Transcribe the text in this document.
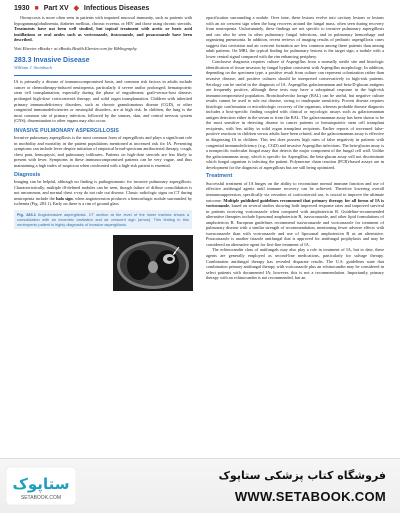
1930 ■ Part XV ◆ Infectious Diseases

Otomycosis is more often seen in patients with impaired mucosal immunity, such as patients with hypogammaglobulinemia, diabetes mellitus, chronic eczema, or HIV and those using chronic steroids. Treatments have not been well studied, but topical treatment with acetic or boric acid instillations or oral azoles such as voriconazole, itraconazole, and posaconazole have been described.

Visit Elsevier eBooks+ at eBooks.Health.Elsevier.com for Bibliography.

283.3 Invasive Disease
William J. Steinbach

IA is primarily a disease of immunocompromised hosts, and common risk factors in adults include cancer or chemotherapy-induced neutropenia, particularly if severe and/or prolonged; hematopoietic stem cell transplantation, especially during the phase of engraftment; graft-versus-host disease; prolonged high-dose corticosteroid therapy; and solid organ transplantation. Children with inherited primary immunodeficiency disorders, such as chronic granulomatous disease (CGD), or other congenital immunodeficiencies or neutrophil disorders, are at high risk. In children, the lung is the most common site of primary infection, followed by the sinuses, skin, and central nervous system (CNS); dissemination to other organs may also occur.

INVASIVE PULMONARY ASPERGILLOSIS

Invasive pulmonary aspergillosis is the most common form of aspergillosis and plays a significant role in morbidity and mortality in the patient populations mentioned at increased risk for IA. Presenting symptoms can include fever despite initiation of empirical broad-spectrum antibacterial therapy, cough, chest pain, hemoptysis, and pulmonary infiltrates. Patients on high-dose steroids are less likely to present with fever. Symptoms in these immunocompromised patients can be very vague, and thus maintaining a high index of suspicion when confronted with a high-risk patient is essential.

Diagnosis

Imaging can be helpful, although no finding is pathognomonic for invasive pulmonary aspergillosis. Characteristically, multiple ill-defined nodules can be seen, though failure of diffuse consolidation is not uncommon, and normal chest x-ray do not rule out disease. Classic radiologic signs on CT during neutropenia include the halo sign, when angioinvasion produces a hemorrhagic nodule surrounded by ischemia (Fig. 283.1). Early on there is a rim of ground glass

Fig. 283.1 Angioinvasive aspergillosis. CT section at the level of the lower trachea shows a consolidation with an eccentric cavitation and air crescent sign (arrow). This finding in this neutropenic patient is highly diagnostic of invasive aspergillosis.

opacification surrounding a nodule. Over time, these lesions evolve into cavitary lesions or lesions with an air crescent sign when the lung recovers around the fungal mass, often seen during recovery from neutropenia. Unfortunately, these findings are not specific to invasive pulmonary aspergillosis and can also be seen in other pulmonary fungal infections, and in pulmonary hemorrhage and organizing pneumonia. In addition, recent reviews of imaging results of pediatric aspergillosis cases suggest that cavitation and air crescent formation are less common among these patients than among adult patients. On MRI, the typical finding for pulmonary lesions is the target sign, a nodule with a lower central signal compared with the rim enhancing periphery.

Conclusive diagnosis requires culture of Aspergillus from a normally sterile site and histologic identification of tissue invasion by fungal hyphae consistent with Aspergillus morphology. In addition, depending on the specimen type, a positive result from culture can represent colonization rather than invasive disease, and positive cultures should be interpreted conservatively in high-risk patients. Serology can be useful in the diagnosis of IA. Aspergillus galactomannan and beta-D-glucan antigens are frequently positive, although these tests may have a suboptimal response in the high-risk immunocompromised population. Bronchoalveolar lavage (BAL) can be useful, but negative culture results cannot be used to rule out disease, owing to inadequate sensitivity. Proven disease requires histologic confirmation or microbiologic recovery of the organism, whereas probable disease diagnosis includes a host-specific finding coupled with clinical or mycologic assays such as galactomannan antigen detection either in the serum or from the BAL. The galactomannan assay has been shown to be the most sensitive in detecting disease in cancer patients or hematopoietic stem cell transplant recipients, with less utility in solid organ transplant recipients. Earlier reports of increased false-positive reactions in children versus adults have been refuted, and the galactomannan assay is effective in diagnosing IA in children. This test does possess high rates of false negativity in patients with congenital immunodeficiency (e.g., CGD) and invasive Aspergillus infections. The beta-glucan assay is a nonspecific molecular fungal assay that detects the major component of the fungal cell wall. Unlike the galactomannan assay, which is specific for Aspergillus, the beta-glucan assay will not discriminate which fungal organism is infecting the patient. Polymerase chain reaction (PCR)-based assays are in development for the diagnosis of aspergillosis but are still being optimized.

Treatment

Successful treatment of IA hinges on the ability to reconstitute normal immune function and use of effective antifungal agents until immune recovery can be achieved. Therefore lowering overall immunosuppression, specifically via cessation of corticosteroid use, is crucial to improve the ultimate outcome. Multiple published guidelines recommend that primary therapy for all forms of IA is voriconazole, based on several studies showing both improved response rates and improved survival in patients receiving voriconazole when compared with amphotericin B. Guideline-recommended alternative therapies include liposomal amphotericin B, isavuconazole, and other lipid formulations of amphotericin B. European guidelines recommend isavuconazole and voriconazole for treatment of pulmonary disease with a similar strength of recommendation, mentioning fewer adverse effects with isavuconazole than with voriconazole and use of liposomal amphotericin B as an alternative. Posaconazole is another triazole antifungal that is approved for antifungal prophylaxis and may be considered an alternative agent for first-line treatment of IA.

The echinocandin class of antifungals may also play a role in treatment of IA, but to date, these agents are generally employed as second-line medications, particularly for salvage therapy. Combination antifungal therapy has revealed disparate results. The U.S. guidelines state that combination primary antifungal therapy with voriconazole plus an echinocandin may be considered in select patients with documented IA; however, this is not a recommendation. Importantly, primary therapy with an echinocandin is not recommended, but an

ستاپوک
SETABOOK.COM
فروشگاه کتاب پزشکی ستاپوک
WWW.SETABOOK.COM
